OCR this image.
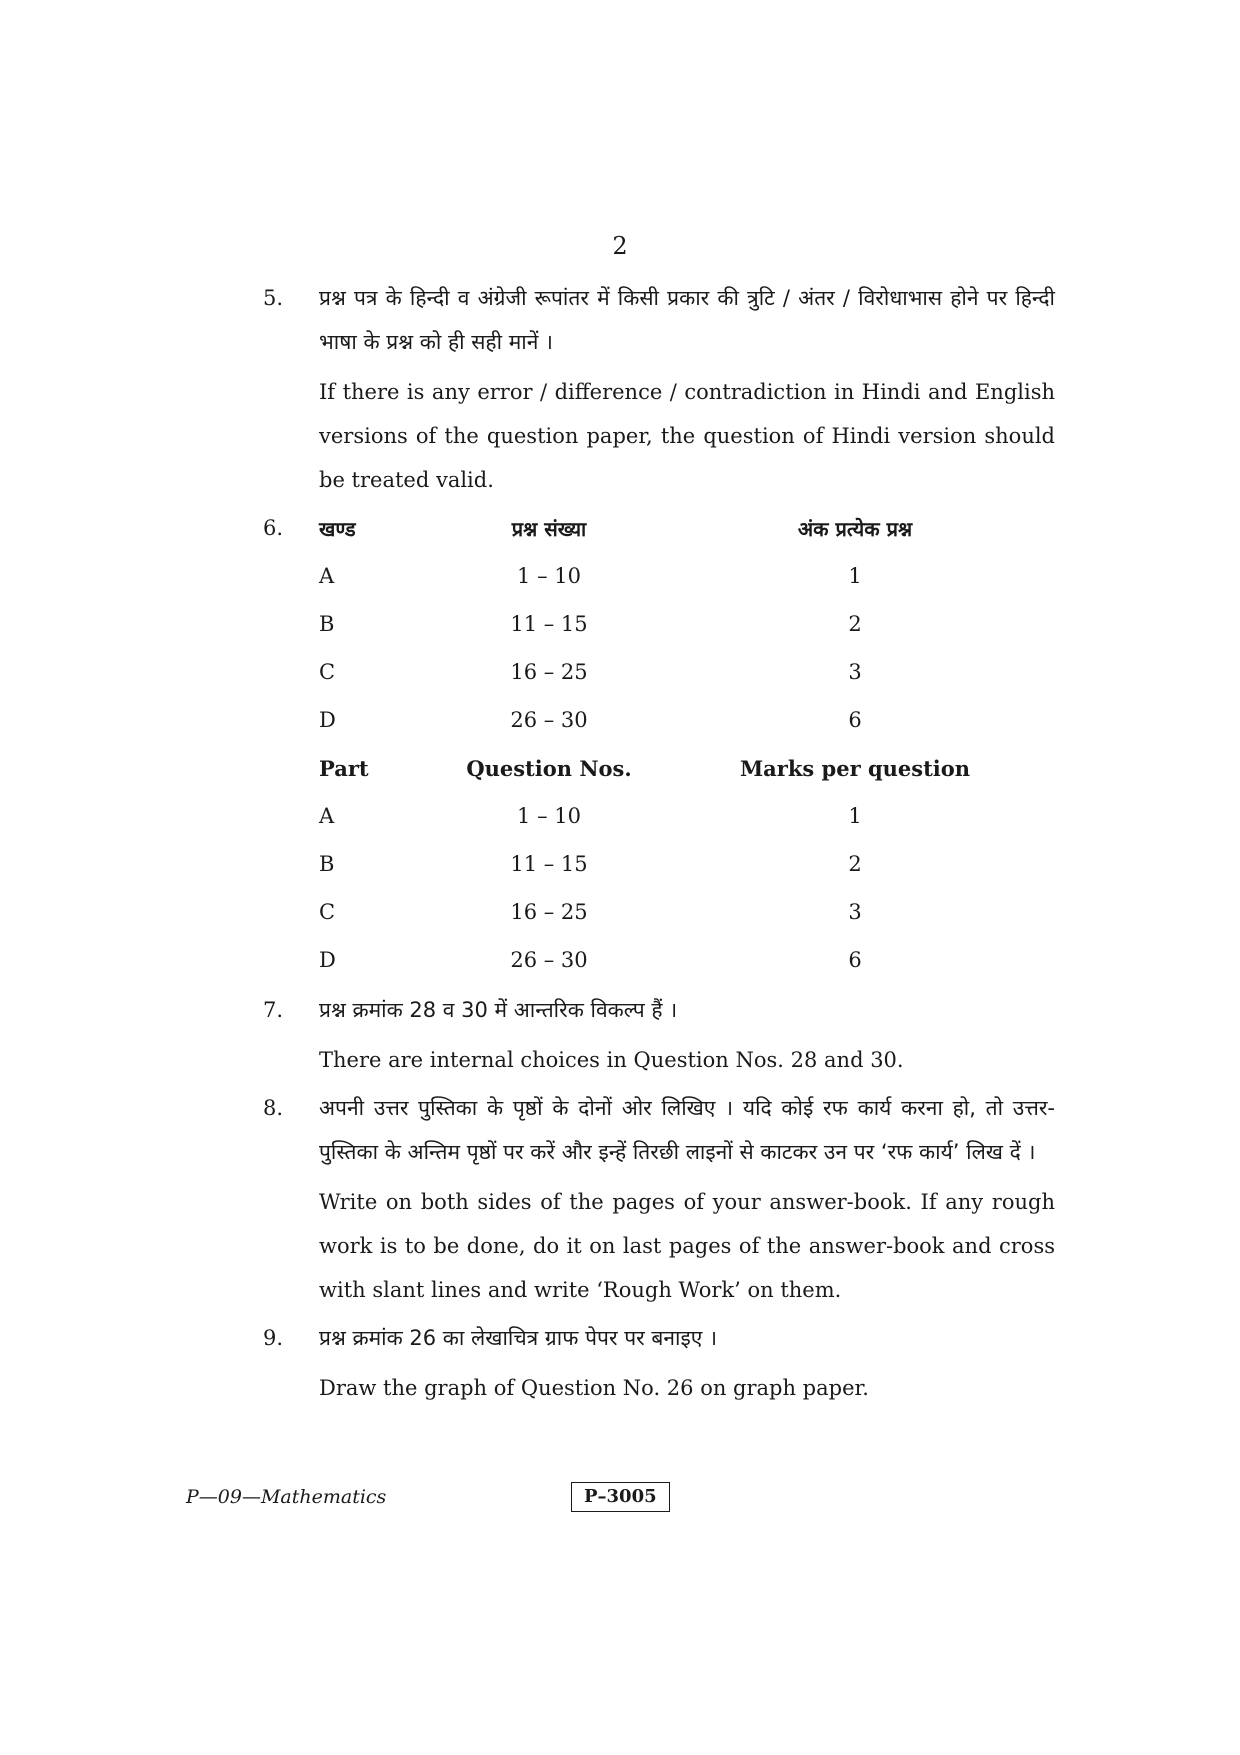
2
5.	प्रश्न पत्र के हिन्दी व अंग्रेजी रूपांतर में किसी प्रकार की त्रुटि / अंतर / विरोधाभास होने पर हिन्दी भाषा के प्रश्न को ही सही मानें ।

If there is any error / difference / contradiction in Hindi and English versions of the question paper, the question of Hindi version should be treated valid.

6.	खण्ड	प्रश्न संख्या	अंक प्रत्येक प्रश्न
A	1 – 10	1
B	11 – 15	2
C	16 – 25	3
D	26 – 30	6
Part	Question Nos.	Marks per question
A	1 – 10	1
B	11 – 15	2
C	16 – 25	3
D	26 – 30	6
7.	प्रश्न क्रमांक 28 व 30 में आन्तरिक विकल्प हैं ।

There are internal choices in Question Nos. 28 and 30.

8.	अपनी उत्तर पुस्तिका के पृष्ठों के दोनों ओर लिखिए । यदि कोई रफ कार्य करना हो, तो उत्तर-पुस्तिका के अन्तिम पृष्ठों पर करें और इन्हें तिरछी लाइनों से काटकर उन पर ‘रफ कार्य’ लिख दें ।

Write on both sides of the pages of your answer-book. If any rough work is to be done, do it on last pages of the answer-book and cross with slant lines and write ‘Rough Work’ on them.

9.	प्रश्न क्रमांक 26 का लेखाचित्र ग्राफ पेपर पर बनाइए ।

Draw the graph of Question No. 26 on graph paper.

P—09—Mathematics	P–3005
